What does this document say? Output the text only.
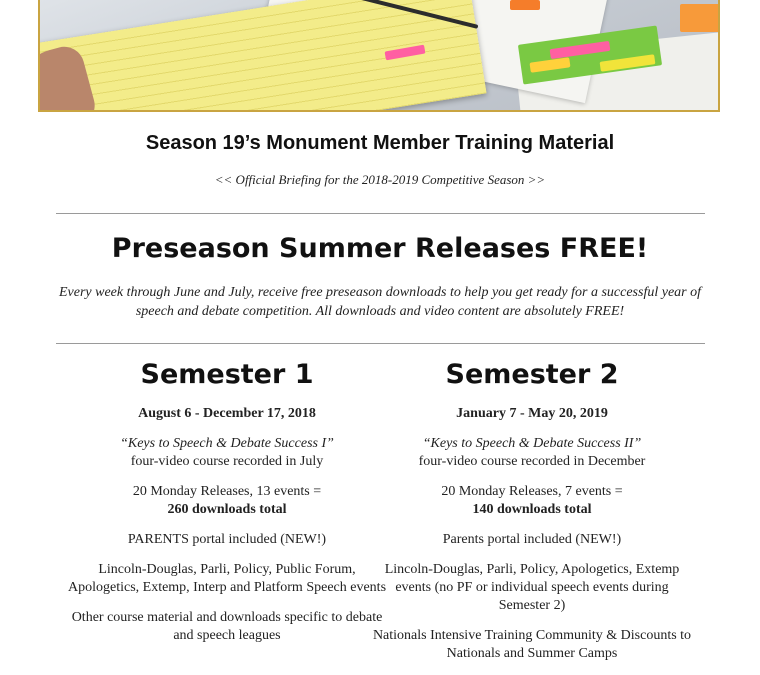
Season 19’s Monument Member Training Material
<< Official Briefing for the 2018-2019 Competitive Season >>
Preseason Summer Releases FREE!
Every week through June and July, receive free preseason downloads to help you get ready for a successful year of speech and debate competition. All downloads and video content are absolutely FREE!
Semester 1
August 6 - December 17, 2018

“Keys to Speech & Debate Success I”

four-video course recorded in July

20 Monday Releases, 13 events =

260 downloads total

PARENTS portal included (NEW!)

Lincoln-Douglas, Parli, Policy, Public Forum, Apologetics, Extemp, Interp and Platform Speech events

Other course material and downloads specific to debate and speech leagues

Semester 2
January 7 - May 20, 2019

“Keys to Speech & Debate Success II”

four-video course recorded in December

20 Monday Releases, 7 events =

140 downloads total

Parents portal included (NEW!)

Lincoln-Douglas, Parli, Policy, Apologetics, Extemp events (no PF or individual speech events during Semester 2)

Nationals Intensive Training Community & Discounts to Nationals and Summer Camps
